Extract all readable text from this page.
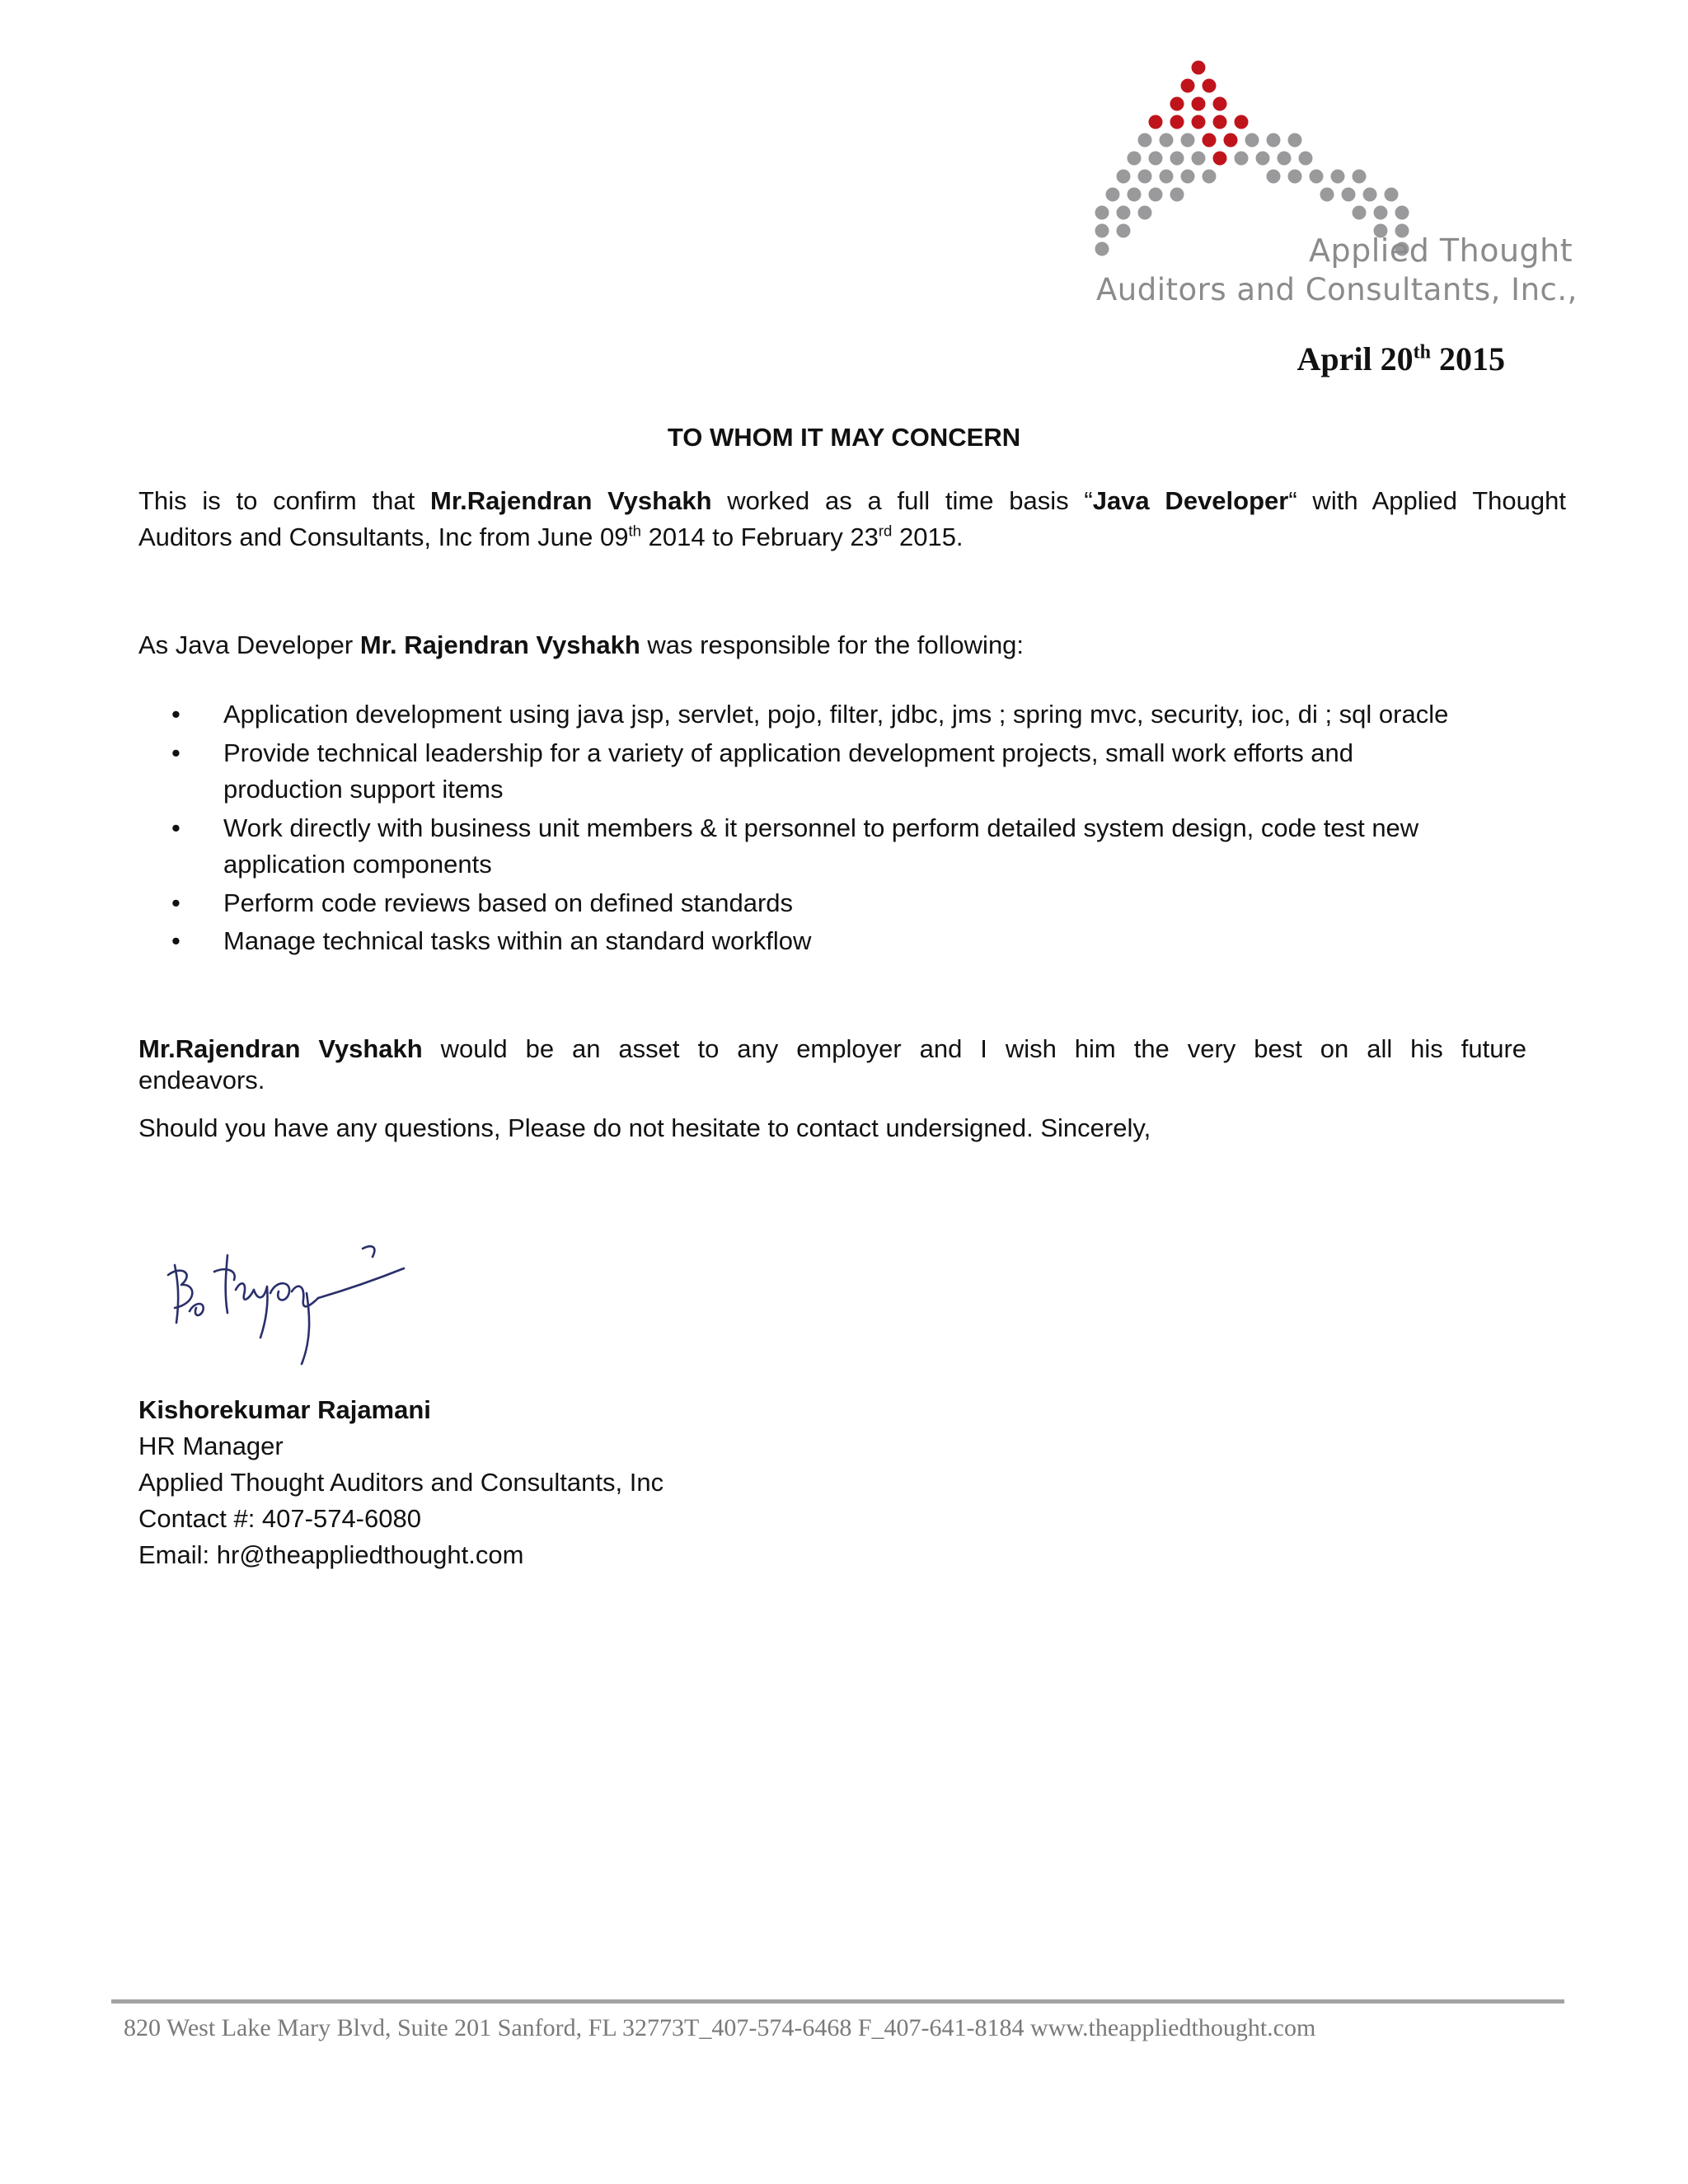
Applied Thought
Auditors and Consultants, Inc.,
April 20th 2015
TO WHOM IT MAY CONCERN
This is to confirm that Mr.Rajendran Vyshakh worked as a full time basis “Java Developer“ with Applied Thought
Auditors and Consultants, Inc from June 09th 2014 to February 23rd 2015.
As Java Developer Mr. Rajendran Vyshakh was responsible for the following:
• Application development using java jsp, servlet, pojo, filter, jdbc, jms ; spring mvc, security, ioc, di ; sql oracle
• Provide technical leadership for a variety of application development projects, small work efforts and
production support items
• Work directly with business unit members & it personnel to perform detailed system design, code test new
application components
• Perform code reviews based on defined standards
• Manage technical tasks within an standard workflow
Mr.Rajendran Vyshakh would be an asset to any employer and I wish him the very best on all his future
endeavors.
Should you have any questions, Please do not hesitate to contact undersigned. Sincerely,
Kishorekumar Rajamani
HR Manager
Applied Thought Auditors and Consultants, Inc
Contact #: 407-574-6080
Email: hr@theappliedthought.com
820 West Lake Mary Blvd, Suite 201 Sanford, FL 32773T_407-574-6468 F_407-641-8184 www.theappliedthought.com
